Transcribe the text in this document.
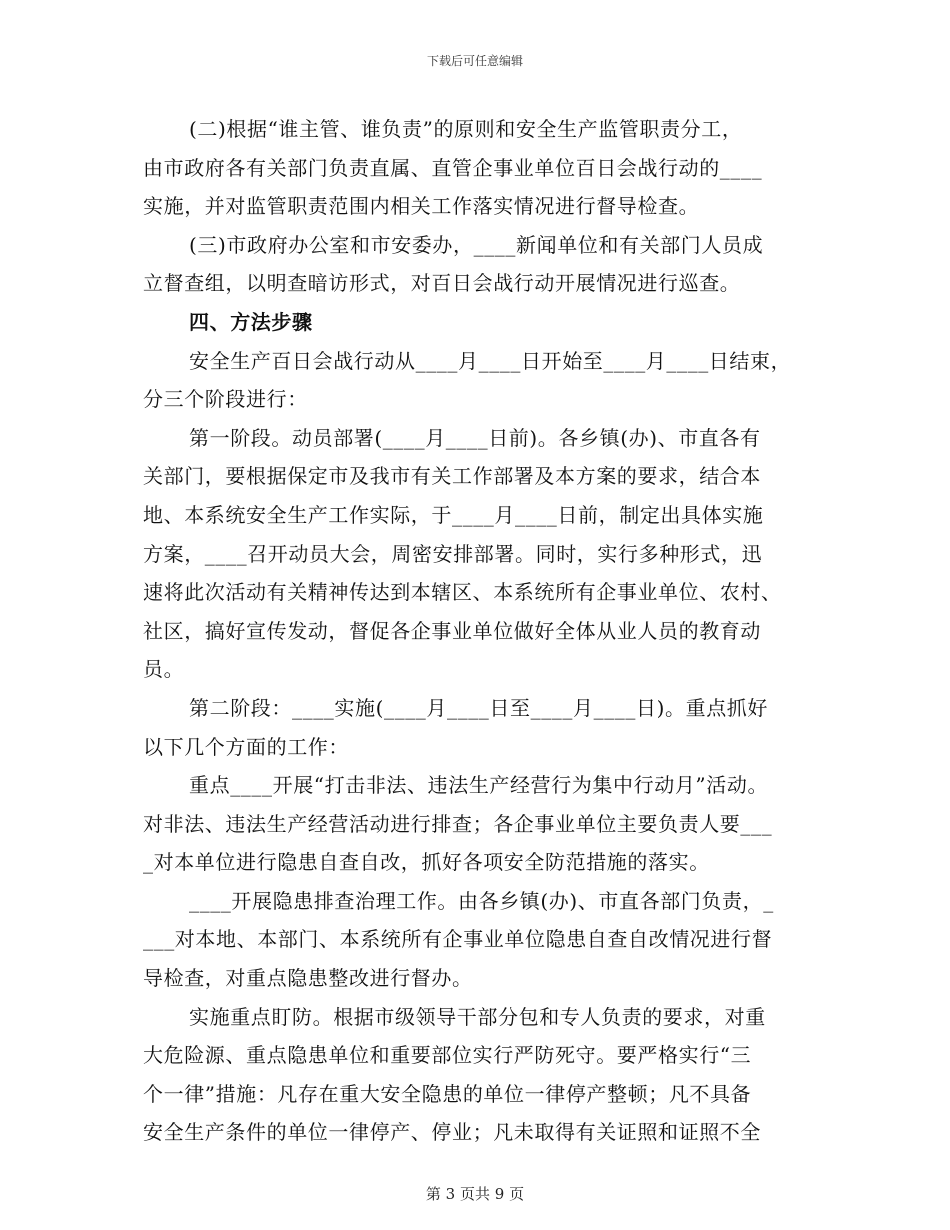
下载后可任意编辑
(二)根据“谁主管、谁负责”的原则和安全生产监管职责分工，
由市政府各有关部门负责直属、直管企事业单位百日会战行动的____
实施，并对监管职责范围内相关工作落实情况进行督导检查。
(三)市政府办公室和市安委办，____新闻单位和有关部门人员成
立督查组，以明查暗访形式，对百日会战行动开展情况进行巡查。
四、方法步骤
安全生产百日会战行动从____月____日开始至____月____日结束，
分三个阶段进行：
第一阶段。动员部署(____月____日前)。各乡镇(办)、市直各有
关部门，要根据保定市及我市有关工作部署及本方案的要求，结合本
地、本系统安全生产工作实际，于____月____日前，制定出具体实施
方案，____召开动员大会，周密安排部署。同时，实行多种形式，迅
速将此次活动有关精神传达到本辖区、本系统所有企事业单位、农村、
社区，搞好宣传发动，督促各企事业单位做好全体从业人员的教育动
员。
第二阶段：____实施(____月____日至____月____日)。重点抓好
以下几个方面的工作：
重点____开展“打击非法、违法生产经营行为集中行动月”活动。
对非法、违法生产经营活动进行排查；各企事业单位主要负责人要___
_对本单位进行隐患自查自改，抓好各项安全防范措施的落实。
____开展隐患排查治理工作。由各乡镇(办)、市直各部门负责，_
___对本地、本部门、本系统所有企事业单位隐患自查自改情况进行督
导检查，对重点隐患整改进行督办。
实施重点盯防。根据市级领导干部分包和专人负责的要求，对重
大危险源、重点隐患单位和重要部位实行严防死守。要严格实行“三
个一律”措施：凡存在重大安全隐患的单位一律停产整顿；凡不具备
安全生产条件的单位一律停产、停业；凡未取得有关证照和证照不全
第 3 页共 9 页
